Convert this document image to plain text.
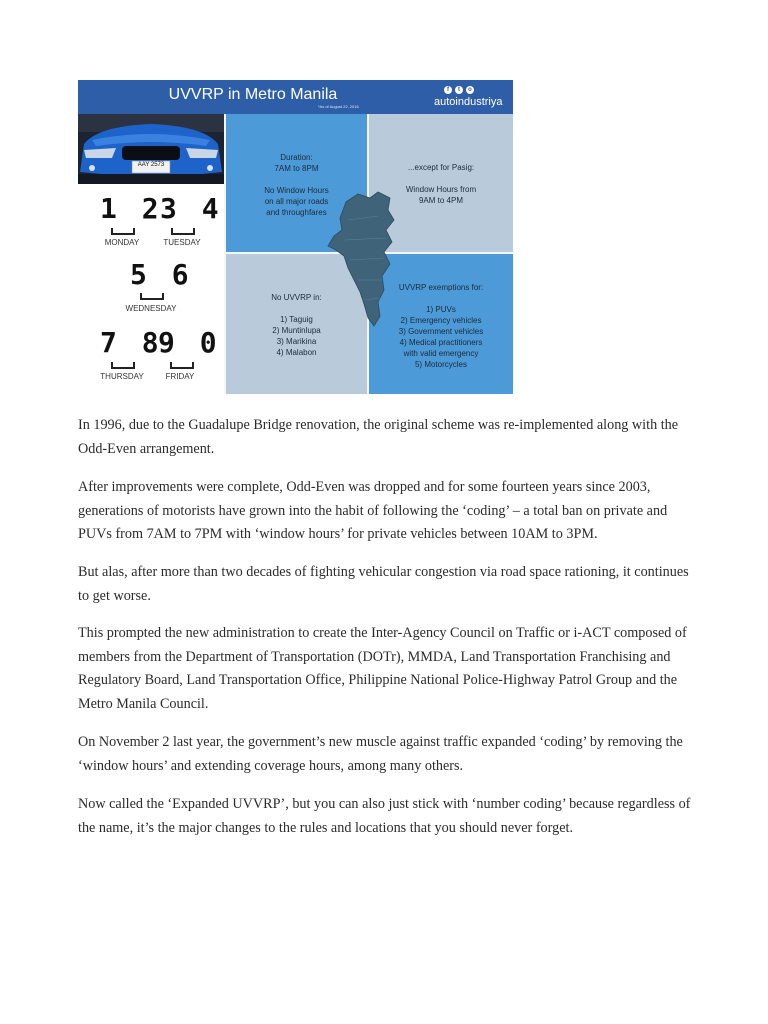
UVVRP in Metro Manila
*As of August 22, 2016
f	t	o
autoindustriya
AAY 2573
1 2
MONDAY
3 4
TUESDAY
5 6
WEDNESDAY
7 8
THURSDAY
9 0
FRIDAY
Duration:
7AM to 8PM

No Window Hours
on all major roads
and throughfares
...except for Pasig:

Window Hours from
9AM to 4PM
No UVVRP in:

1) Taguig
2) Muntinlupa
3) Marikina
4) Malabon
UVVRP exemptions for:

1) PUVs
2) Emergency vehicles
3) Government vehicles
4) Medical practitioners
with valid emergency
5) Motorcycles

In 1996, due to the Guadalupe Bridge renovation, the original scheme was re-implemented along with the Odd-Even arrangement.

After improvements were complete, Odd-Even was dropped and for some fourteen years since 2003, generations of motorists have grown into the habit of following the ‘coding’ – a total ban on private and PUVs from 7AM to 7PM with ‘window hours’ for private vehicles between 10AM to 3PM.

But alas, after more than two decades of fighting vehicular congestion via road space rationing, it continues to get worse.

This prompted the new administration to create the Inter-Agency Council on Traffic or i-ACT composed of members from the Department of Transportation (DOTr), MMDA, Land Transportation Franchising and Regulatory Board, Land Transportation Office, Philippine National Police-Highway Patrol Group and the Metro Manila Council.

On November 2 last year, the government’s new muscle against traffic expanded ‘coding’ by removing the ‘window hours’ and extending coverage hours, among many others.

Now called the ‘Expanded UVVRP’, but you can also just stick with ‘number coding’ because regardless of the name, it’s the major changes to the rules and locations that you should never forget.
